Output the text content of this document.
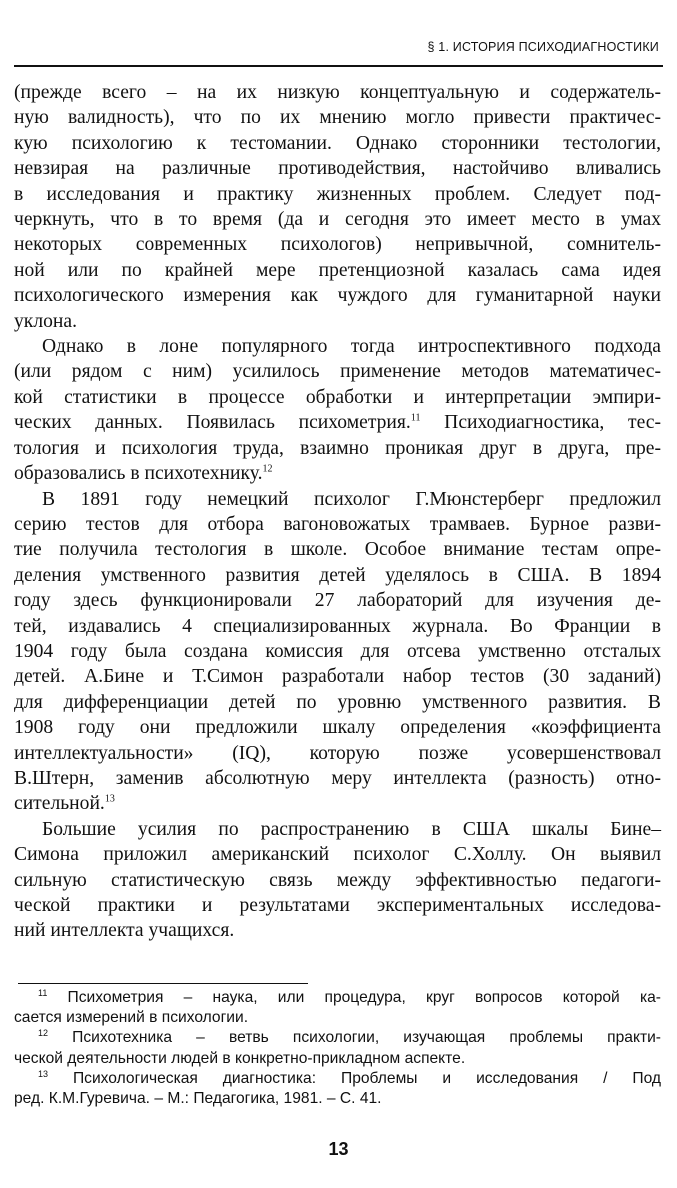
§ 1. ИСТОРИЯ ПСИХОДИАГНОСТИКИ
(прежде всего – на их низкую концептуальную и содержатель-
ную валидность), что по их мнению могло привести практичес-
кую психологию к тестомании. Однако сторонники тестологии,
невзирая на различные противодействия, настойчиво вливались
в исследования и практику жизненных проблем. Следует под-
черкнуть, что в то время (да и сегодня это имеет место в умах
некоторых современных психологов) непривычной, сомнитель-
ной или по крайней мере претенциозной казалась сама идея
психологического измерения как чуждого для гуманитарной науки
уклона.
Однако в лоне популярного тогда интроспективного подхода
(или рядом с ним) усилилось применение методов математичес-
кой статистики в процессе обработки и интерпретации эмпири-
ческих данных. Появилась психометрия.$^{11}$ Психодиагностика, тес-
тология и психология труда, взаимно проникая друг в друга, пре-
образовались в психотехнику.$^{12}$
В 1891 году немецкий психолог Г.Мюнстерберг предложил
серию тестов для отбора вагоновожатых трамваев. Бурное разви-
тие получила тестология в школе. Особое внимание тестам опре-
деления умственного развития детей уделялось в США. В 1894
году здесь функционировали 27 лабораторий для изучения де-
тей, издавались 4 специализированных журнала. Во Франции в
1904 году была создана комиссия для отсева умственно отсталых
детей. А.Бине и Т.Симон разработали набор тестов (30 заданий)
для дифференциации детей по уровню умственного развития. В
1908 году они предложили шкалу определения «коэффициента
интеллектуальности» (IQ), которую позже усовершенствовал
В.Штерн, заменив абсолютную меру интеллекта (разность) отно-
сительной.$^{13}$
Большие усилия по распространению в США шкалы Бине–
Симона приложил американский психолог С.Холлу. Он выявил
сильную статистическую связь между эффективностью педагоги-
ческой практики и результатами экспериментальных исследова-
ний интеллекта учащихся.
$^{11}$ Психометрия – наука, или процедура, круг вопросов которой ка-
сается измерений в психологии.
$^{12}$ Психотехника – ветвь психологии, изучающая проблемы практи-
ческой деятельности людей в конкретно-прикладном аспекте.
$^{13}$ Психологическая диагностика: Проблемы и исследования / Под
ред. К.М.Гуревича. – М.: Педагогика, 1981. – С. 41.
13
